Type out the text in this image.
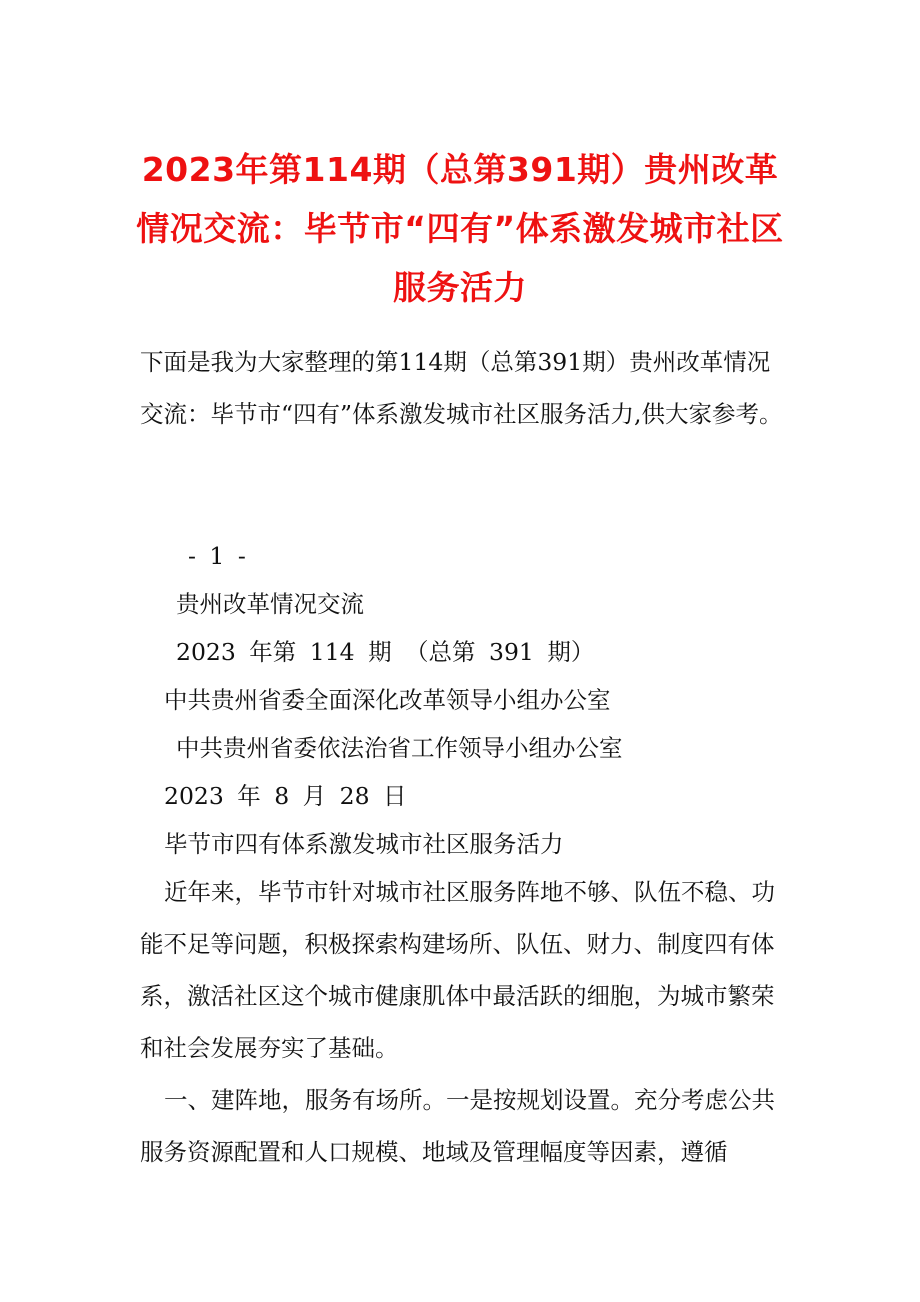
2023年第114期（总第391期）贵州改革情况交流：毕节市“四有”体系激发城市社区服务活力

下面是我为大家整理的第114期（总第391期）贵州改革情况交流：毕节市“四有”体系激发城市社区服务活力,供大家参考。

- 1 -
贵州改革情况交流
2023 年第 114 期 （总第 391 期）
中共贵州省委全面深化改革领导小组办公室
中共贵州省委依法治省工作领导小组办公室
2023 年 8 月 28 日
毕节市四有体系激发城市社区服务活力

近年来，毕节市针对城市社区服务阵地不够、队伍不稳、功能不足等问题，积极探索构建场所、队伍、财力、制度四有体系，激活社区这个城市健康肌体中最活跃的细胞，为城市繁荣和社会发展夯实了基础。

一、建阵地，服务有场所。一是按规划设置。充分考虑公共服务资源配置和人口规模、地域及管理幅度等因素，遵循
